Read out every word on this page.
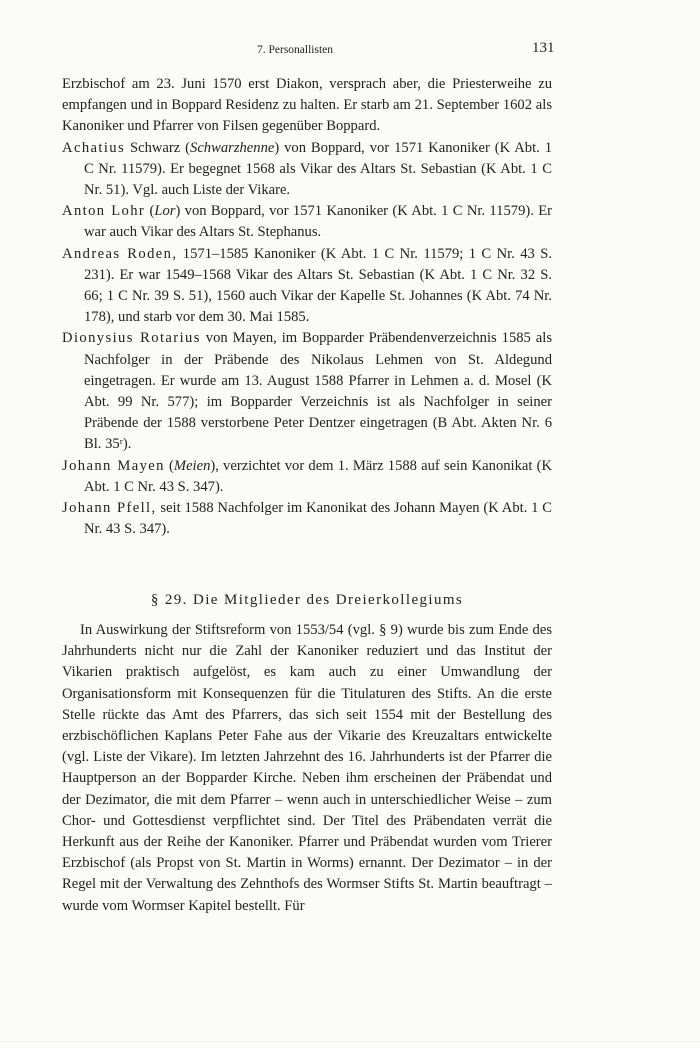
7. Personallisten	131

Erzbischof am 23. Juni 1570 erst Diakon, versprach aber, die Priesterweihe zu empfangen und in Boppard Residenz zu halten. Er starb am 21. September 1602 als Kanoniker und Pfarrer von Filsen gegenüber Boppard.

Achatius Schwarz (Schwarzhenne) von Boppard, vor 1571 Kanoniker (K Abt. 1 C Nr. 11579). Er begegnet 1568 als Vikar des Altars St. Sebastian (K Abt. 1 C Nr. 51). Vgl. auch Liste der Vikare.

Anton Lohr (Lor) von Boppard, vor 1571 Kanoniker (K Abt. 1 C Nr. 11579). Er war auch Vikar des Altars St. Stephanus.

Andreas Roden, 1571–1585 Kanoniker (K Abt. 1 C Nr. 11579; 1 C Nr. 43 S. 231). Er war 1549–1568 Vikar des Altars St. Sebastian (K Abt. 1 C Nr. 32 S. 66; 1 C Nr. 39 S. 51), 1560 auch Vikar der Kapelle St. Johannes (K Abt. 74 Nr. 178), und starb vor dem 30. Mai 1585.

Dionysius Rotarius von Mayen, im Bopparder Präbendenverzeichnis 1585 als Nachfolger in der Präbende des Nikolaus Lehmen von St. Aldegund eingetragen. Er wurde am 13. August 1588 Pfarrer in Lehmen a. d. Mosel (K Abt. 99 Nr. 577); im Bopparder Verzeichnis ist als Nachfolger in seiner Präbende der 1588 verstorbene Peter Dentzer eingetragen (B Abt. Akten Nr. 6 Bl. 35ʳ).

Johann Mayen (Meien), verzichtet vor dem 1. März 1588 auf sein Kanonikat (K Abt. 1 C Nr. 43 S. 347).

Johann Pfell, seit 1588 Nachfolger im Kanonikat des Johann Mayen (K Abt. 1 C Nr. 43 S. 347).

§ 29. Die Mitglieder des Dreierkollegiums

In Auswirkung der Stiftsreform von 1553/54 (vgl. § 9) wurde bis zum Ende des Jahrhunderts nicht nur die Zahl der Kanoniker reduziert und das Institut der Vikarien praktisch aufgelöst, es kam auch zu einer Umwandlung der Organisationsform mit Konsequenzen für die Titulaturen des Stifts. An die erste Stelle rückte das Amt des Pfarrers, das sich seit 1554 mit der Bestellung des erzbischöflichen Kaplans Peter Fahe aus der Vikarie des Kreuzaltars entwickelte (vgl. Liste der Vikare). Im letzten Jahrzehnt des 16. Jahrhunderts ist der Pfarrer die Hauptperson an der Bopparder Kirche. Neben ihm erscheinen der Präbendat und der Dezimator, die mit dem Pfarrer – wenn auch in unterschiedlicher Weise – zum Chor- und Gottesdienst verpflichtet sind. Der Titel des Präbendaten verrät die Herkunft aus der Reihe der Kanoniker. Pfarrer und Präbendat wurden vom Trierer Erzbischof (als Propst von St. Martin in Worms) ernannt. Der Dezimator – in der Regel mit der Verwaltung des Zehnthofs des Wormser Stifts St. Martin beauftragt – wurde vom Wormser Kapitel bestellt. Für
